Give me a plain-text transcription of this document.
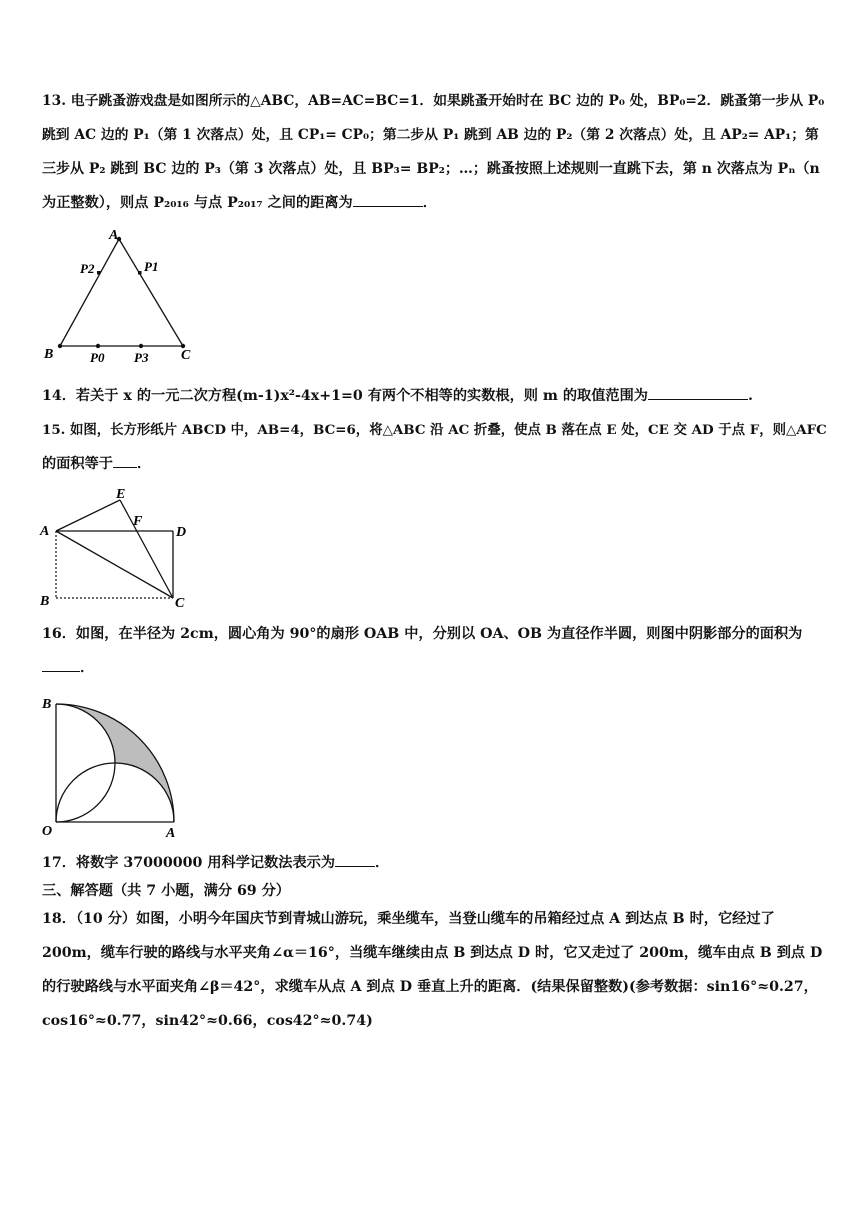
13. 电子跳蚤游戏盘是如图所示的△ABC，AB=AC=BC=1．如果跳蚤开始时在 BC 边的 P₀ 处，BP₀=2．跳蚤第一步从 P₀
跳到 AC 边的 P₁（第 1 次落点）处，且 CP₁= CP₀；第二步从 P₁ 跳到 AB 边的 P₂（第 2 次落点）处，且 AP₂= AP₁；第
三步从 P₂ 跳到 BC 边的 P₃（第 3 次落点）处，且 BP₃= BP₂；…；跳蚤按照上述规则一直跳下去，第 n 次落点为 Pₙ（n
为正整数），则点 P₂₀₁₆ 与点 P₂₀₁₇ 之间的距离为	．
A
B	C
P0 P3
P1
P2
14．若关于 x 的一元二次方程(m-1)x²-4x+1=0 有两个不相等的实数根，则 m 的取值范围为	.
15. 如图，长方形纸片 ABCD 中，AB=4，BC=6，将△ABC 沿 AC 折叠，使点 B 落在点 E 处，CE 交 AD 于点 F，则△AFC
的面积等于 ．
E
F
A	D
B	C
16．如图，在半径为 2cm，圆心角为 90°的扇形 OAB 中，分别以 OA、OB 为直径作半圆，则图中阴影部分的面积为
．
B
O	A
17．将数字 37000000 用科学记数法表示为	．
三、解答题（共 7 小题，满分 69 分）
18．（10 分）如图，小明今年国庆节到青城山游玩，乘坐缆车，当登山缆车的吊箱经过点 A 到达点 B 时，它经过了
200m，缆车行驶的路线与水平夹角∠α＝16°，当缆车继续由点 B 到达点 D 时，它又走过了 200m，缆车由点 B 到点 D
的行驶路线与水平面夹角∠β＝42°，求缆车从点 A 到点 D 垂直上升的距离．(结果保留整数)(参考数据：sin16°≈0.27，
cos16°≈0.77，sin42°≈0.66，cos42°≈0.74)
